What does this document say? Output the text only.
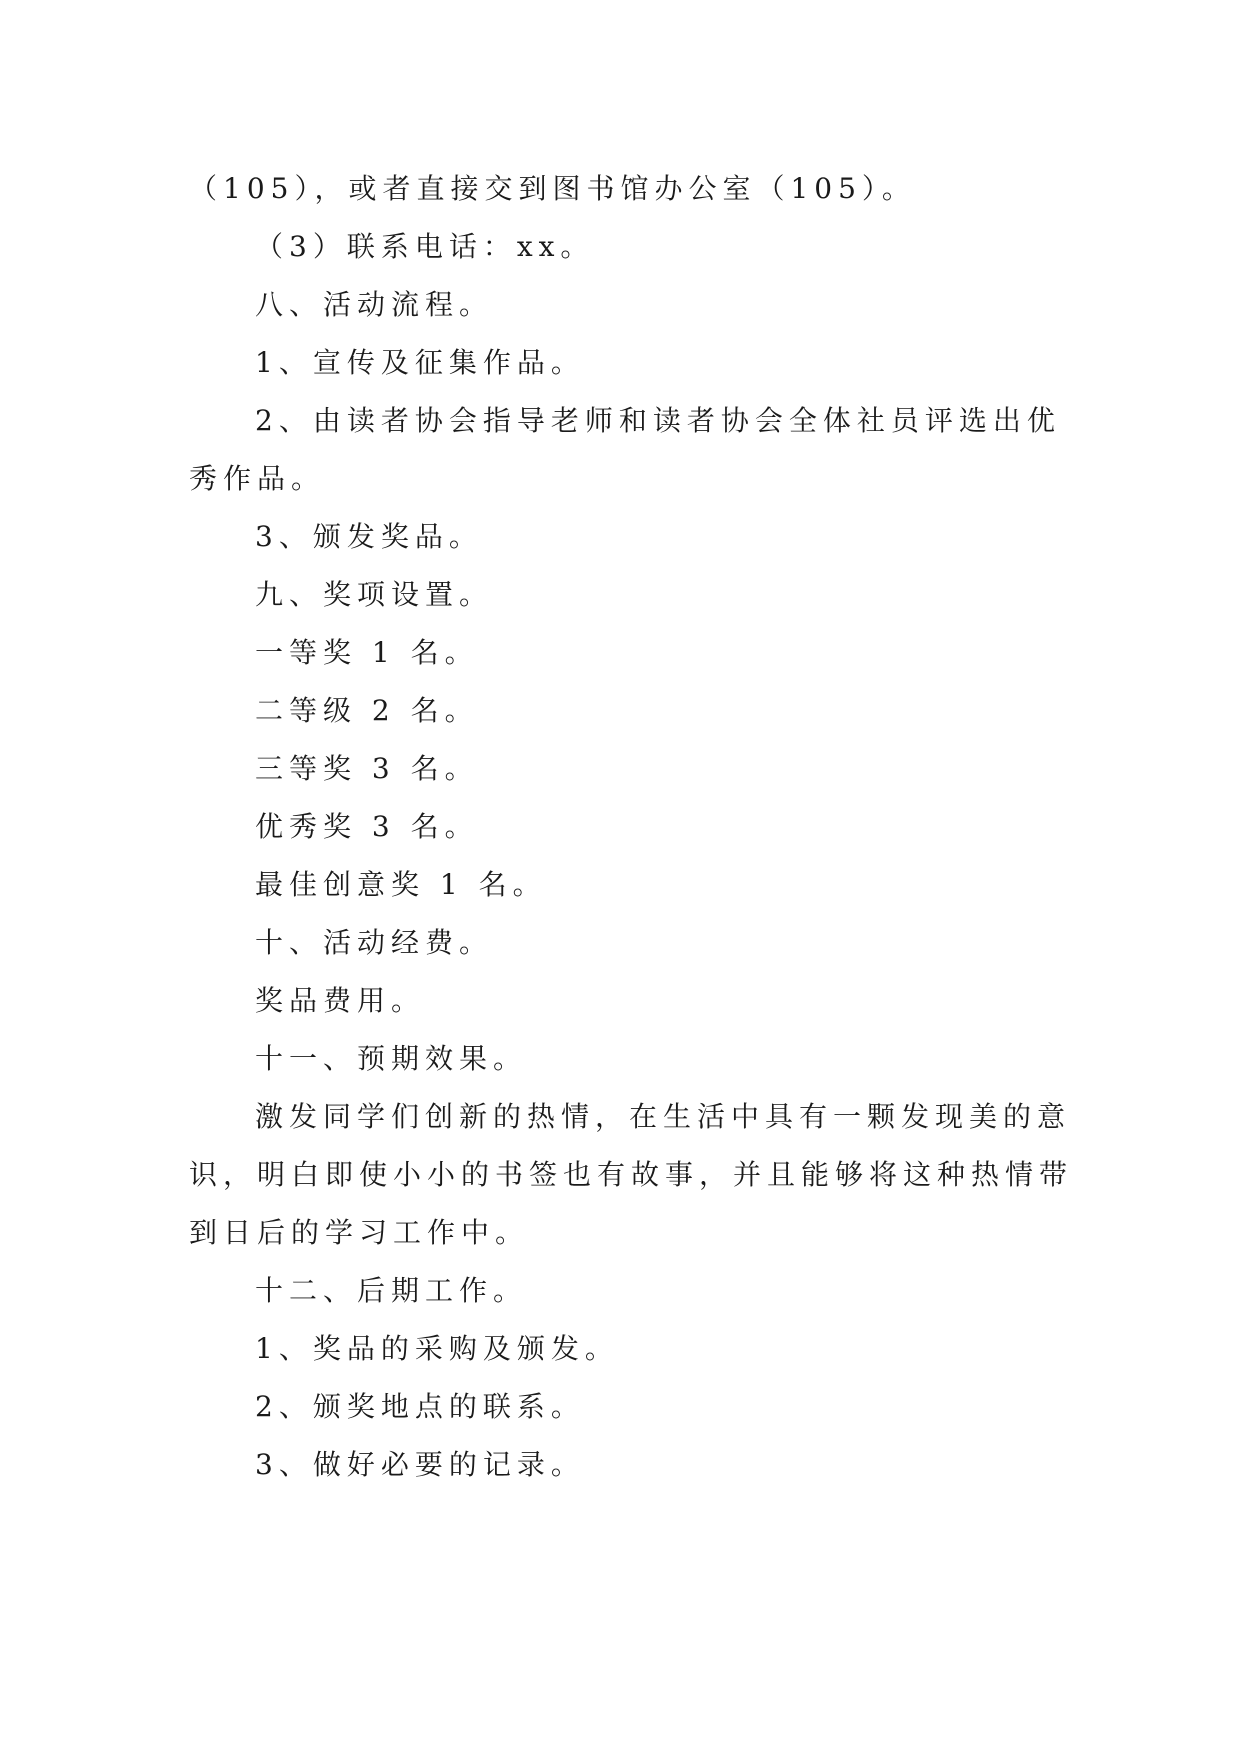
（105），或者直接交到图书馆办公室（105）。
（3）联系电话：xx。
八、活动流程。
1、宣传及征集作品。
2、由读者协会指导老师和读者协会全体社员评选出优
秀作品。
3、颁发奖品。
九、奖项设置。
一等奖 1 名。
二等级 2 名。
三等奖 3 名。
优秀奖 3 名。
最佳创意奖 1 名。
十、活动经费。
奖品费用。
十一、预期效果。
激发同学们创新的热情，在生活中具有一颗发现美的意
识，明白即使小小的书签也有故事，并且能够将这种热情带
到日后的学习工作中。
十二、后期工作。
1、奖品的采购及颁发。
2、颁奖地点的联系。
3、做好必要的记录。
